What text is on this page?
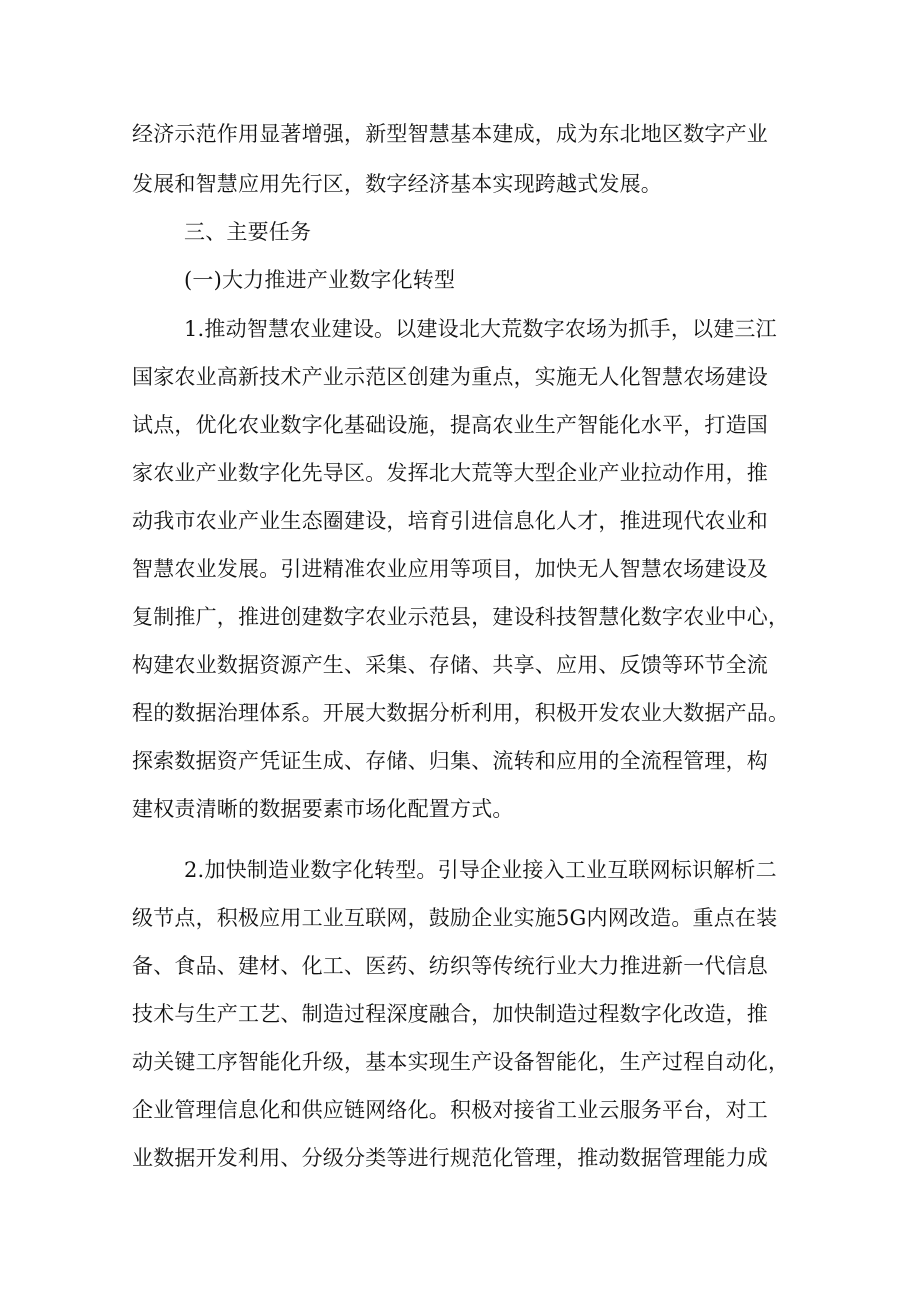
经济示范作用显著增强，新型智慧基本建成，成为东北地区数字产业
发展和智慧应用先行区，数字经济基本实现跨越式发展。
三、主要任务
(一)大力推进产业数字化转型
1.推动智慧农业建设。以建设北大荒数字农场为抓手，以建三江
国家农业高新技术产业示范区创建为重点，实施无人化智慧农场建设
试点，优化农业数字化基础设施，提高农业生产智能化水平，打造国
家农业产业数字化先导区。发挥北大荒等大型企业产业拉动作用，推
动我市农业产业生态圈建设，培育引进信息化人才，推进现代农业和
智慧农业发展。引进精准农业应用等项目，加快无人智慧农场建设及
复制推广，推进创建数字农业示范县，建设科技智慧化数字农业中心，
构建农业数据资源产生、采集、存储、共享、应用、反馈等环节全流
程的数据治理体系。开展大数据分析利用，积极开发农业大数据产品。
探索数据资产凭证生成、存储、归集、流转和应用的全流程管理，构
建权责清晰的数据要素市场化配置方式。
2.加快制造业数字化转型。引导企业接入工业互联网标识解析二
级节点，积极应用工业互联网，鼓励企业实施5G内网改造。重点在装
备、食品、建材、化工、医药、纺织等传统行业大力推进新一代信息
技术与生产工艺、制造过程深度融合，加快制造过程数字化改造，推
动关键工序智能化升级，基本实现生产设备智能化，生产过程自动化，
企业管理信息化和供应链网络化。积极对接省工业云服务平台，对工
业数据开发利用、分级分类等进行规范化管理，推动数据管理能力成
